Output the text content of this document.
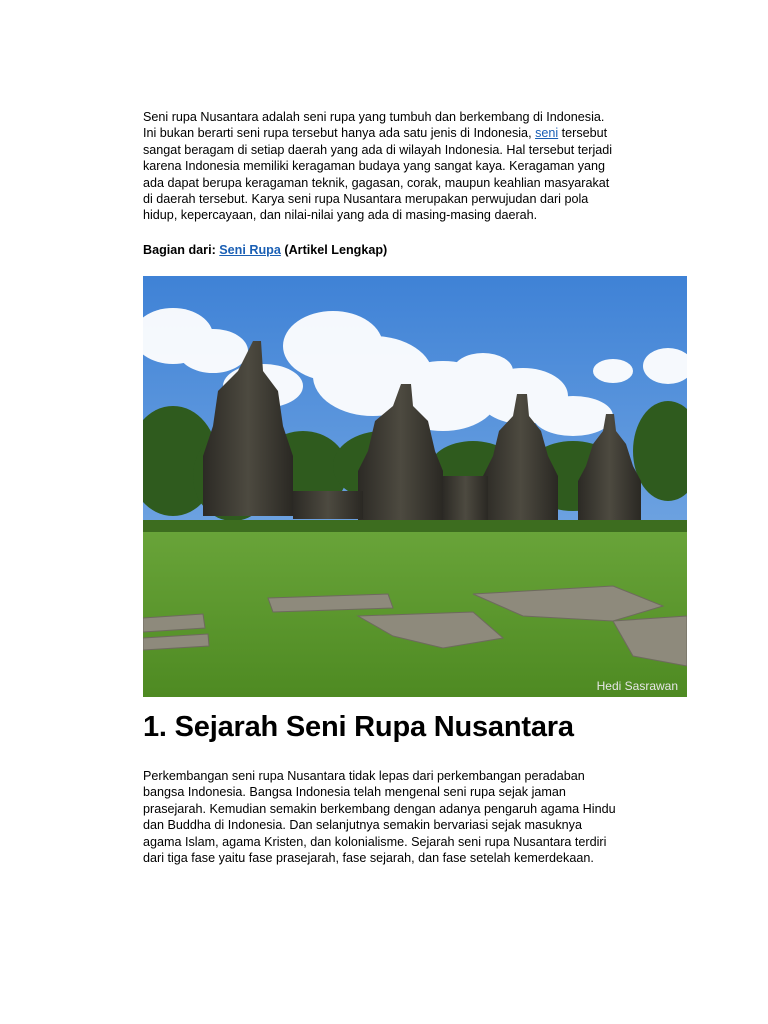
Seni rupa Nusantara adalah seni rupa yang tumbuh dan berkembang di Indonesia.
Ini bukan berarti seni rupa tersebut hanya ada satu jenis di Indonesia, seni tersebut
sangat beragam di setiap daerah yang ada di wilayah Indonesia. Hal tersebut terjadi
karena Indonesia memiliki keragaman budaya yang sangat kaya. Keragaman yang
ada dapat berupa keragaman teknik, gagasan, corak, maupun keahlian masyarakat
di daerah tersebut. Karya seni rupa Nusantara merupakan perwujudan dari pola
hidup, kepercayaan, dan nilai-nilai yang ada di masing-masing daerah.

Bagian dari: Seni Rupa (Artikel Lengkap)

Hedi Sasrawan
1. Sejarah Seni Rupa Nusantara
Perkembangan seni rupa Nusantara tidak lepas dari perkembangan peradaban
bangsa Indonesia. Bangsa Indonesia telah mengenal seni rupa sejak jaman
prasejarah. Kemudian semakin berkembang dengan adanya pengaruh agama Hindu
dan Buddha di Indonesia. Dan selanjutnya semakin bervariasi sejak masuknya
agama Islam, agama Kristen, dan kolonialisme. Sejarah seni rupa Nusantara terdiri
dari tiga fase yaitu fase prasejarah, fase sejarah, dan fase setelah kemerdekaan.
